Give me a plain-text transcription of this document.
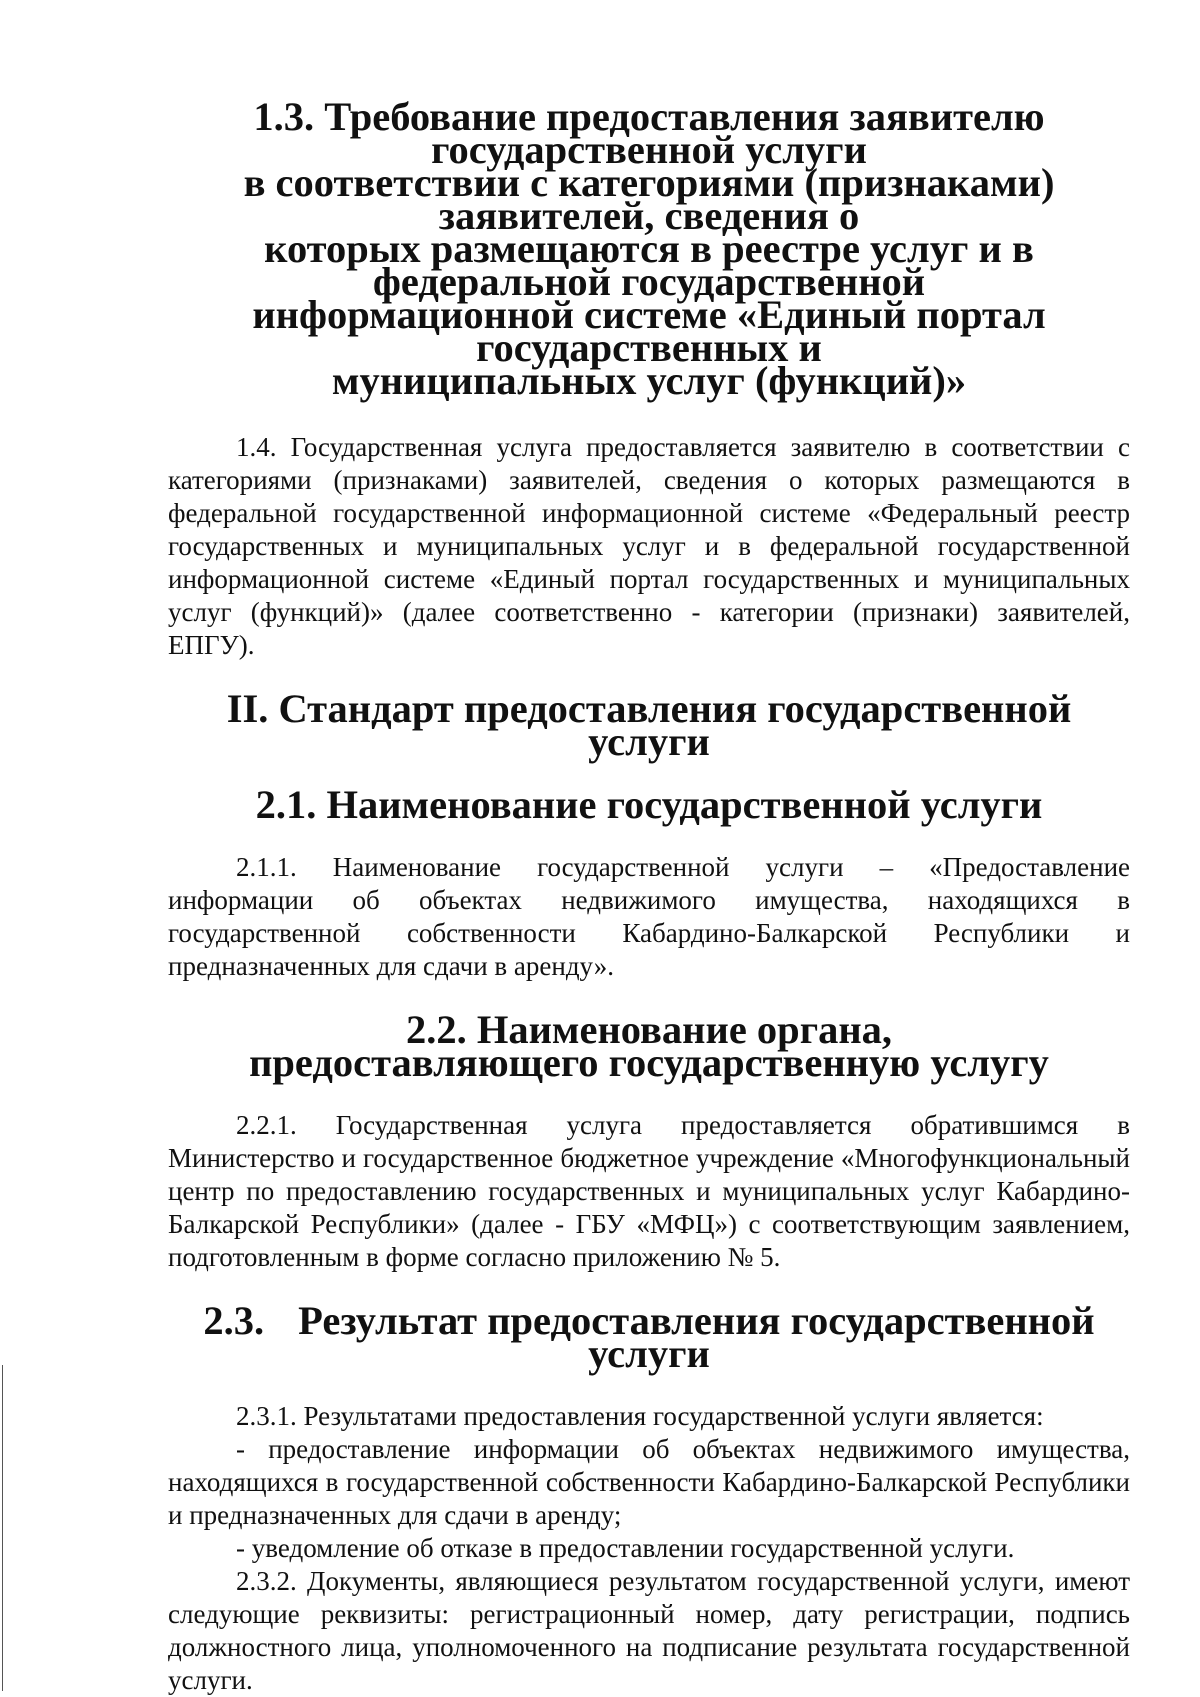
1.3. Требование предоставления заявителю государственной услуги
в соответствии с категориями (признаками) заявителей, сведения о
которых размещаются в реестре услуг и в федеральной государственной
информационной системе «Единый портал государственных и
муниципальных услуг (функций)»

1.4. Государственная услуга предоставляется заявителю в соответствии с категориями (признаками) заявителей, сведения о которых размещаются в федеральной государственной информационной системе «Федеральный реестр государственных и муниципальных услуг и в федеральной государственной информационной системе «Единый портал государственных и муниципальных услуг (функций)» (далее соответственно - категории (признаки) заявителей, ЕПГУ).

II. Стандарт предоставления государственной услуги
2.1. Наименование государственной услуги

2.1.1. Наименование государственной услуги – «Предоставление информации об объектах недвижимого имущества, находящихся в государственной собственности Кабардино-Балкарской Республики и предназначенных для сдачи в аренду».

2.2. Наименование органа,
предоставляющего государственную услугу

2.2.1. Государственная услуга предоставляется обратившимся в Министерство и государственное бюджетное учреждение «Многофункциональный центр по предоставлению государственных и муниципальных услуг Кабардино-Балкарской Республики» (далее - ГБУ «МФЦ») с соответствующим заявлением, подготовленным в форме согласно приложению № 5.

2.3. Результат предоставления государственной услуги

2.3.1. Результатами предоставления государственной услуги является:

- предоставление информации об объектах недвижимого имущества, находящихся в государственной собственности Кабардино-Балкарской Республики и предназначенных для сдачи в аренду;

- уведомление об отказе в предоставлении государственной услуги.

2.3.2. Документы, являющиеся результатом государственной услуги, имеют следующие реквизиты: регистрационный номер, дату регистрации, подпись должностного лица, уполномоченного на подписание результата государственной услуги.
